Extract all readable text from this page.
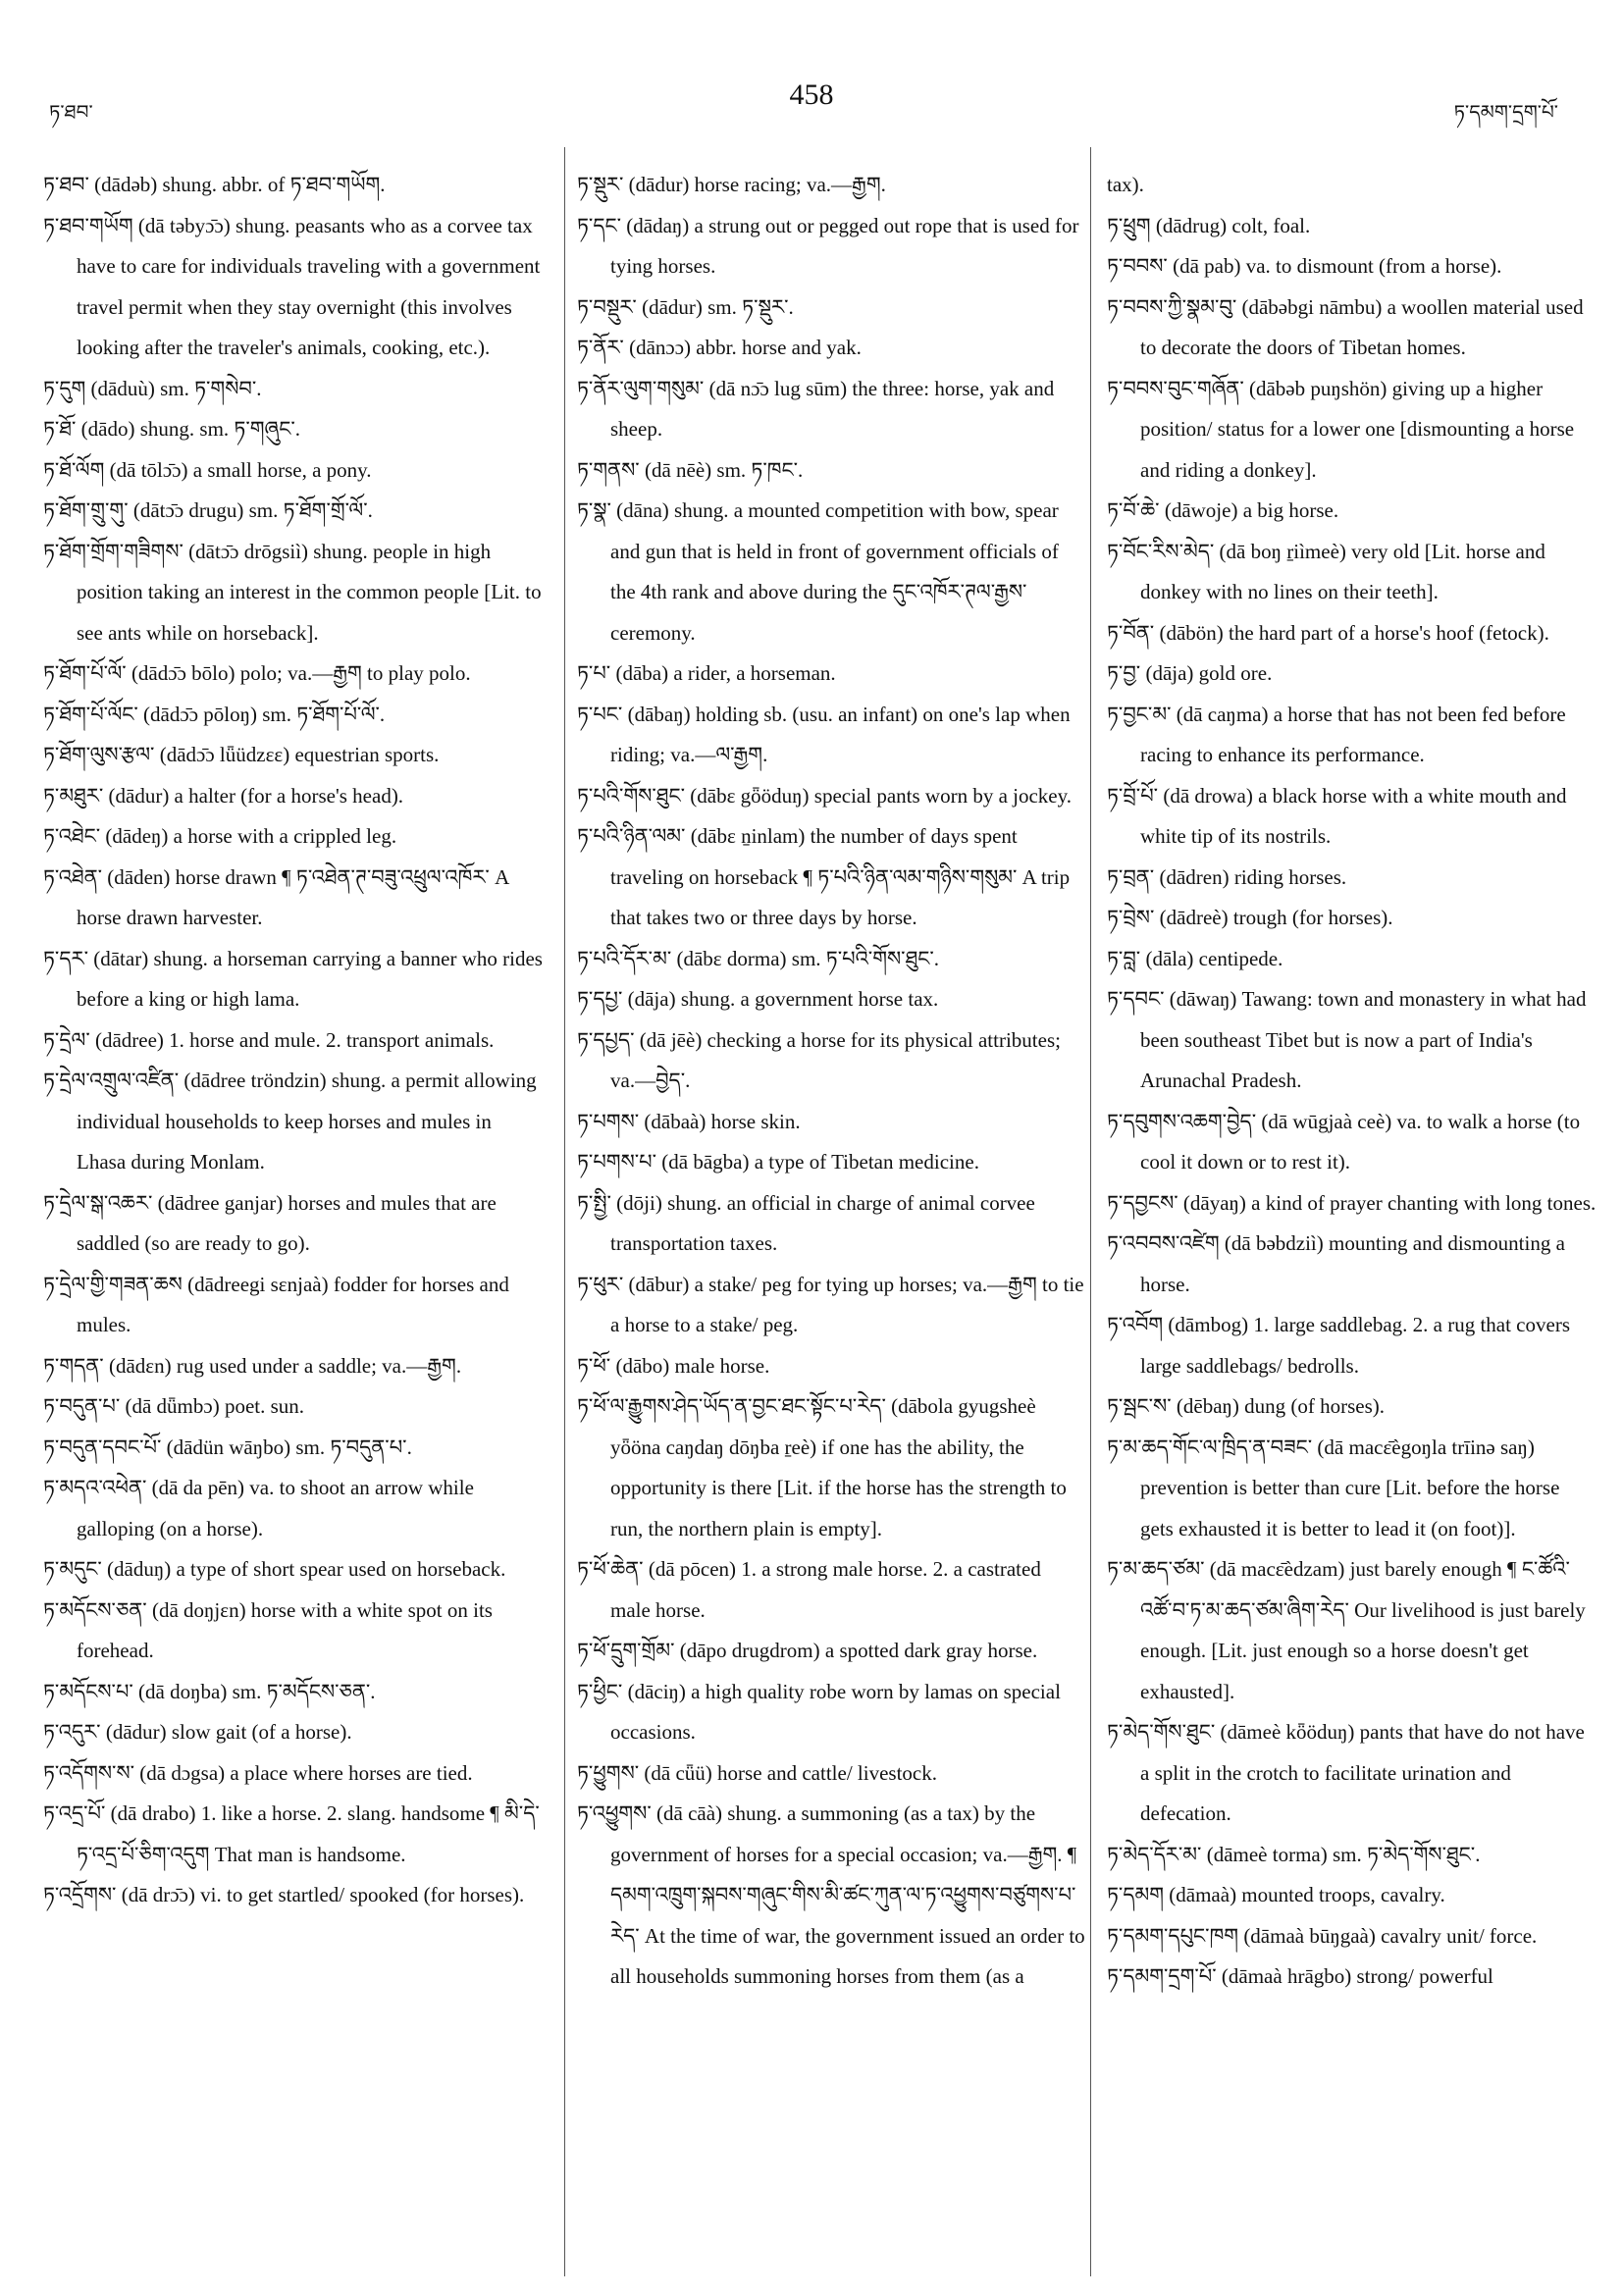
ཏ་ཐབ་
458
ཏ་དམག་དྲག་པོ་
ཏ་ཐབ་ (dādəb) shung. abbr. of ཏ་ཐབ་གཡོག.
ཏ་ཐབ་གཡོག (dā təbyɔ̄ɔ) shung. peasants who as a corvee tax have to care for individuals traveling with a government travel permit when they stay overnight (this involves looking after the traveler's animals, cooking, etc.).
ཏ་དུག (dāduù) sm. ཏ་གསེབ་.
ཏ་ཐོ་ (dādo) shung. sm. ཏ་གཞུང་.
ཏ་ཐོ་ལོག (dā tōlɔ̄ɔ) a small horse, a pony.
ཏ་ཐོག་གྲུ་གུ་ (dātɔ̄ɔ drugu) sm. ཏ་ཐོག་གྲོ་ལོ་.
ཏ་ཐོག་གྲོག་གཟིགས་ (dātɔ̄ɔ drōgsiì) shung. people in high position taking an interest in the common people [Lit. to see ants while on horseback].
ཏ་ཐོག་པོ་ལོ་ (dādɔ̄ɔ bōlo) polo; va.—རྒྱག to play polo.
ཏ་ཐོག་པོ་ལོང་ (dādɔ̄ɔ pōloŋ) sm. ཏ་ཐོག་པོ་ལོ་.
ཏ་ཐོག་ལུས་རྩལ་ (dādɔ̄ɔ lǖüdzɛɛ) equestrian sports.
ཏ་མཐུར་ (dādur) a halter (for a horse's head).
ཏ་འཐེང་ (dādeŋ) a horse with a crippled leg.
ཏ་འཐེན་ (dāden) horse drawn ¶ ཏ་འཐེན་ཊ་བཟུ་འཕྲུལ་འཁོར་ A horse drawn harvester.
ཏ་དར་ (dātar) shung. a horseman carrying a banner who rides before a king or high lama.
ཏ་དྲེལ་ (dādree) 1. horse and mule. 2. transport animals.
ཏ་དྲེལ་འགྲུལ་འཛིན་ (dādree tröndzin) shung. a permit allowing individual households to keep horses and mules in Lhasa during Monlam.
ཏ་དྲེལ་སྒ་འཆར་ (dādree ganjar) horses and mules that are saddled (so are ready to go).
ཏ་དྲེལ་གྱི་གཟན་ཆས (dādreegi sɛnjaà) fodder for horses and mules.
ཏ་གདན་ (dādɛn) rug used under a saddle; va.—རྒྱག.
ཏ་བདུན་པ་ (dā dǖmbɔ) poet. sun.
ཏ་བདུན་དབང་པོ་ (dādün wāŋbo) sm. ཏ་བདུན་པ་.
ཏ་མདའ་འཕེན་ (dā da pēn) va. to shoot an arrow while galloping (on a horse).
ཏ་མདུང་ (dāduŋ) a type of short spear used on horseback.
ཏ་མདོངས་ཅན་ (dā doŋjɛn) horse with a white spot on its forehead.
ཏ་མདོངས་པ་ (dā doŋba) sm. ཏ་མདོངས་ཅན་.
ཏ་འདུར་ (dādur) slow gait (of a horse).
ཏ་འདོགས་ས་ (dā dɔgsa) a place where horses are tied.
ཏ་འདྲ་པོ་ (dā drabo) 1. like a horse. 2. slang. handsome ¶ མི་དེ་ཏ་འདྲ་པོ་ཅིག་འདུག That man is handsome.
ཏ་འདྲོགས་ (dā drɔ̄ɔ) vi. to get startled/ spooked (for horses).
ཏ་སྡུར་ (dādur) horse racing; va.—རྒྱག.
ཏ་དང་ (dādaŋ) a strung out or pegged out rope that is used for tying horses.
ཏ་བསྡུར་ (dādur) sm. ཏ་སྡུར་.
ཏ་ནོར་ (dānɔɔ) abbr. horse and yak.
ཏ་ནོར་ལུག་གསུམ་ (dā nɔ̄ɔ lug sūm) the three: horse, yak and sheep.
ཏ་གནས་ (dā nēè) sm. ཏ་ཁང་.
ཏ་སྣ་ (dāna) shung. a mounted competition with bow, spear and gun that is held in front of government officials of the 4th rank and above during the དུང་འཁོར་ཊལ་རྒྱས་ ceremony.
ཏ་པ་ (dāba) a rider, a horseman.
ཏ་པང་ (dābaŋ) holding sb. (usu. an infant) on one's lap when riding; va.—ལ་རྒྱག.
ཏ་པའི་གོས་ཐུང་ (dābɛ gȫöduŋ) special pants worn by a jockey.
ཏ་པའི་ཉིན་ལམ་ (dābɛ ṉinlam) the number of days spent traveling on horseback ¶ ཏ་པའི་ཉིན་ལམ་གཉིས་གསུམ་ A trip that takes two or three days by horse.
ཏ་པའི་དོར་མ་ (dābɛ dorma) sm. ཏ་པའི་གོས་ཐུང་.
ཏ་དཔྱ་ (dāja) shung. a government horse tax.
ཏ་དཔྱད་ (dā jēè) checking a horse for its physical attributes; va.—བྱེད་.
ཏ་པགས་ (dābaà) horse skin.
ཏ་པགས་པ་ (dā bāgba) a type of Tibetan medicine.
ཏ་སྤྱི་ (dōji) shung. an official in charge of animal corvee transportation taxes.
ཏ་ཕུར་ (dābur) a stake/ peg for tying up horses; va.—རྒྱག to tie a horse to a stake/ peg.
ཏ་ཕོ་ (dābo) male horse.
ཏ་ཕོ་ལ་རྒྱུགས་ཤེད་ཡོད་ན་བྱང་ཐང་སྟོང་པ་རེད་ (dābola gyugsheè yȫöna caŋdaŋ dōŋba ṟeè) if one has the ability, the opportunity is there [Lit. if the horse has the strength to run, the northern plain is empty].
ཏ་ཕོ་ཆེན་ (dā pōcen) 1. a strong male horse. 2. a castrated male horse.
ཏ་ཕོ་དྲུག་གྲོམ་ (dāpo drugdrom) a spotted dark gray horse.
ཏ་ཕྱིང་ (dāciŋ) a high quality robe worn by lamas on special occasions.
ཏ་ཕྱུགས་ (dā cǖü) horse and cattle/ livestock.
ཏ་འཕྱུགས་ (dā cāà) shung. a summoning (as a tax) by the government of horses for a special occasion; va.—རྒྱག. ¶ དམག་འཁྲུག་སྐབས་གཞུང་གིས་མི་ཚང་ཀུན་ལ་ཏ་འཕྱུགས་བཙུགས་པ་རེད་ At the time of war, the government issued an order to all households summoning horses from them (as a
tax).
ཏ་ཕྲུག (dādrug) colt, foal.
ཏ་བབས་ (dā pab) va. to dismount (from a horse).
ཏ་བབས་ཀྱི་སྣམ་བུ་ (dābəbgi nāmbu) a woollen material used to decorate the doors of Tibetan homes.
ཏ་བབས་བུང་གཞོན་ (dābəb puŋshön) giving up a higher position/ status for a lower one [dismounting a horse and riding a donkey].
ཏ་བོ་ཆེ་ (dāwoje) a big horse.
ཏ་བོང་རིས་མེད་ (dā boŋ ṟiìmeè) very old [Lit. horse and donkey with no lines on their teeth].
ཏ་བོན་ (dābön) the hard part of a horse's hoof (fetock).
ཏ་བྱ་ (dāja) gold ore.
ཏ་བྱང་མ་ (dā caŋma) a horse that has not been fed before racing to enhance its performance.
ཏ་བྲོ་པོ་ (dā drowa) a black horse with a white mouth and white tip of its nostrils.
ཏ་བྲན་ (dādren) riding horses.
ཏ་བྲེས་ (dādreè) trough (for horses).
ཏ་བླ་ (dāla) centipede.
ཏ་དབང་ (dāwaŋ) Tawang: town and monastery in what had been southeast Tibet but is now a part of India's Arunachal Pradesh.
ཏ་དབུགས་འཆག་བྱེད་ (dā wūgjaà ceè) va. to walk a horse (to cool it down or to rest it).
ཏ་དབྱངས་ (dāyaŋ) a kind of prayer chanting with long tones.
ཏ་འབབས་འཛེག (dā bəbdziì) mounting and dismounting a horse.
ཏ་འབོག (dāmbog) 1. large saddlebag. 2. a rug that covers large saddlebags/ bedrolls.
ཏ་སྦང་ས་ (dēbaŋ) dung (of horses).
ཏ་མ་ཆད་གོང་ལ་ཁྲིད་ན་བཟང་ (dā macɛ̄ègoŋla trīinə saŋ) prevention is better than cure [Lit. before the horse gets exhausted it is better to lead it (on foot)].
ཏ་མ་ཆད་ཙམ་ (dā macɛ̄èdzam) just barely enough ¶ ང་ཚོའི་འཚོ་བ་ཏ་མ་ཆད་ཙམ་ཞིག་རེད་ Our livelihood is just barely enough. [Lit. just enough so a horse doesn't get exhausted].
ཏ་མེད་གོས་ཐུང་ (dāmeè kȫöduŋ) pants that have do not have a split in the crotch to facilitate urination and defecation.
ཏ་མེད་དོར་མ་ (dāmeè torma) sm. ཏ་མེད་གོས་ཐུང་.
ཏ་དམག (dāmaà) mounted troops, cavalry.
ཏ་དམག་དཔུང་ཁག (dāmaà būŋgaà) cavalry unit/ force.
ཏ་དམག་དྲག་པོ་ (dāmaà hrāgbo) strong/ powerful
